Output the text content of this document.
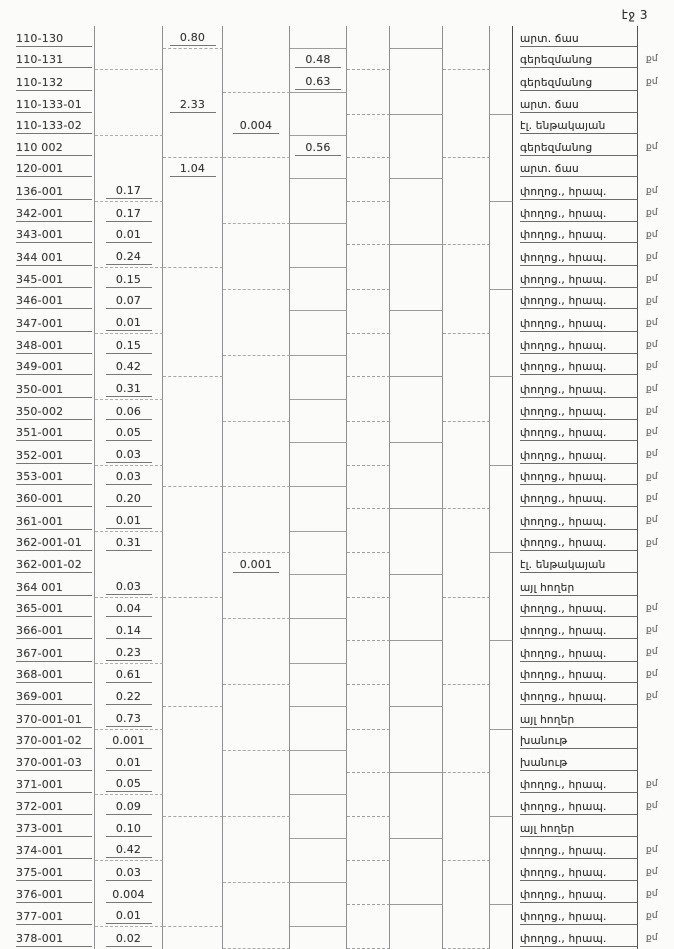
էջ 3
110-130	0.80	արտ. ճաս
110-131	0.48	գերեզմանոց	քմ
110-132	0.63	գերեզմանոց	քմ
110-133-01	2.33	արտ. ճաս
110-133-02	0.004	էլ. ենթակայան
110 002	0.56	գերեզմանոց	քմ
120-001	1.04	արտ. ճաս
136-001	0.17	փողոց., հրապ.	քմ
342-001	0.17	փողոց., հրապ.	քմ
343-001	0.01	փողոց., հրապ.	քմ
344 001	0.24	փողոց., հրապ.	քմ
345-001	0.15	փողոց., հրապ.	քմ
346-001	0.07	փողոց., հրապ.	քմ
347-001	0.01	փողոց., հրապ.	քմ
348-001	0.15	փողոց., հրապ.	քմ
349-001	0.42	փողոց., հրապ.	քմ
350-001	0.31	փողոց., հրապ.	քմ
350-002	0.06	փողոց., հրապ.	քմ
351-001	0.05	փողոց., հրապ.	քմ
352-001	0.03	փողոց., հրապ.	քմ
353-001	0.03	փողոց., հրապ.	քմ
360-001	0.20	փողոց., հրապ.	քմ
361-001	0.01	փողոց., հրապ.	քմ
362-001-01	0.31	փողոց., հրապ.	քմ
362-001-02	0.001	էլ. ենթակայան
364 001	0.03	այլ հողեր
365-001	0.04	փողոց., հրապ.	քմ
366-001	0.14	փողոց., հրապ.	քմ
367-001	0.23	փողոց., հրապ.	քմ
368-001	0.61	փողոց., հրապ.	քմ
369-001	0.22	փողոց., հրապ.	քմ
370-001-01	0.73	այլ հողեր
370-001-02	0.001	խանութ
370-001-03	0.01	խանութ
371-001	0.05	փողոց., հրապ.	քմ
372-001	0.09	փողոց., հրապ.	քմ
373-001	0.10	այլ հողեր
374-001	0.42	փողոց., հրապ.	քմ
375-001	0.03	փողոց., հրապ.	քմ
376-001	0.004	փողոց., հրապ.	քմ
377-001	0.01	փողոց., հրապ.	քմ
378-001	0.02	փողոց., հրապ.	քմ
